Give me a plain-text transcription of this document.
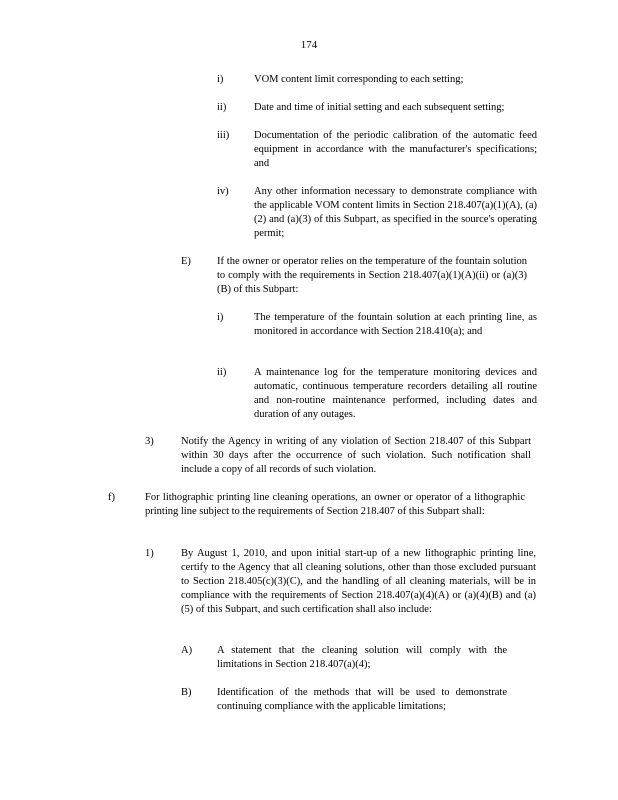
174
i)	VOM content limit corresponding to each setting;
ii)	Date and time of initial setting and each subsequent setting;
iii) Documentation of the periodic calibration of the automatic feed equipment in accordance with the manufacturer's specifications; and
iv) Any other information necessary to demonstrate compliance with the applicable VOM content limits in Section 218.407(a)(1)(A), (a)(2) and (a)(3) of this Subpart, as specified in the source's operating permit;
E) If the owner or operator relies on the temperature of the fountain solution to comply with the requirements in Section 218.407(a)(1)(A)(ii) or (a)(3)(B) of this Subpart:
i)	The temperature of the fountain solution at each printing line, as monitored in accordance with Section 218.410(a); and
ii)	A maintenance log for the temperature monitoring devices and automatic, continuous temperature recorders detailing all routine and non-routine maintenance performed, including dates and duration of any outages.
3)	Notify the Agency in writing of any violation of Section 218.407 of this Subpart within 30 days after the occurrence of such violation. Such notification shall include a copy of all records of such violation.
f)	For lithographic printing line cleaning operations, an owner or operator of a lithographic printing line subject to the requirements of Section 218.407 of this Subpart shall:
1)	By August 1, 2010, and upon initial start-up of a new lithographic printing line, certify to the Agency that all cleaning solutions, other than those excluded pursuant to Section 218.405(c)(3)(C), and the handling of all cleaning materials, will be in compliance with the requirements of Section 218.407(a)(4)(A) or (a)(4)(B) and (a)(5) of this Subpart, and such certification shall also include:
A) A statement that the cleaning solution will comply with the limitations in Section 218.407(a)(4);
B) Identification of the methods that will be used to demonstrate continuing compliance with the applicable limitations;
